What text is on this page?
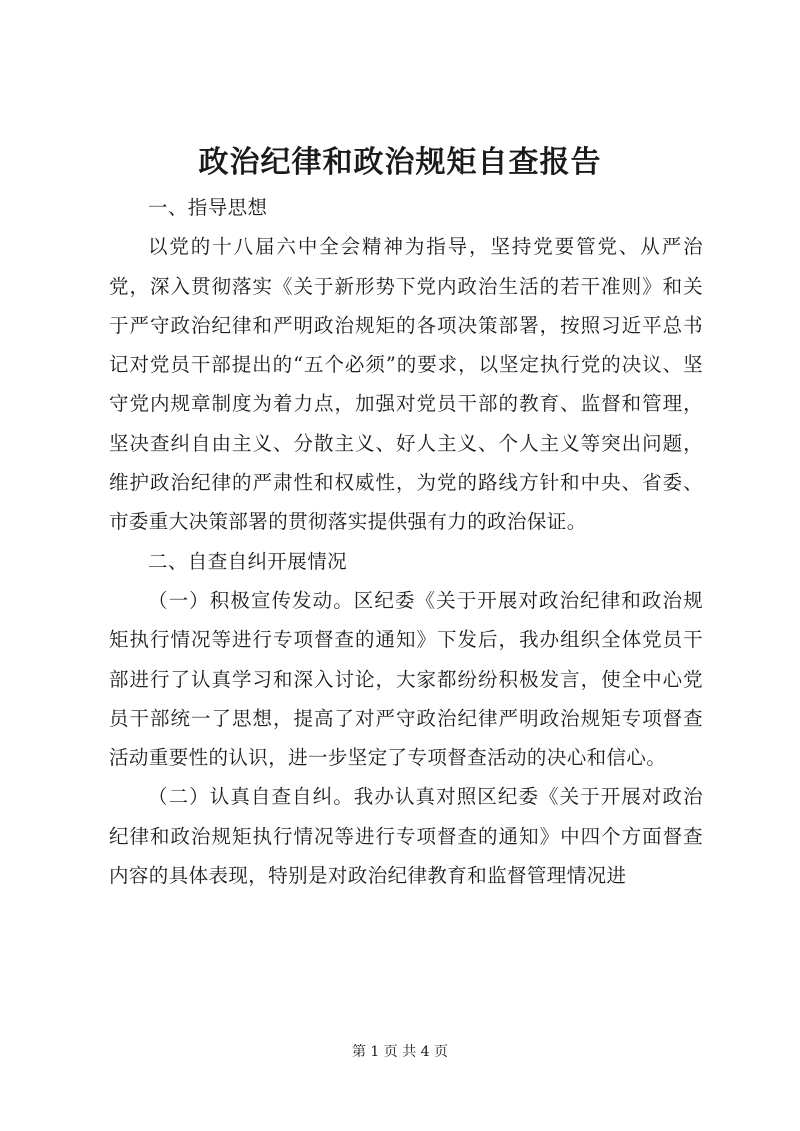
政治纪律和政治规矩自查报告

一、指导思想

以党的十八届六中全会精神为指导，坚持党要管党、从严治党，深入贯彻落实《关于新形势下党内政治生活的若干准则》和关于严守政治纪律和严明政治规矩的各项决策部署，按照习近平总书记对党员干部提出的“五个必须”的要求，以坚定执行党的决议、坚守党内规章制度为着力点，加强对党员干部的教育、监督和管理，坚决查纠自由主义、分散主义、好人主义、个人主义等突出问题，维护政治纪律的严肃性和权威性，为党的路线方针和中央、省委、市委重大决策部署的贯彻落实提供强有力的政治保证。

二、自查自纠开展情况

（一）积极宣传发动。区纪委《关于开展对政治纪律和政治规矩执行情况等进行专项督查的通知》下发后，我办组织全体党员干部进行了认真学习和深入讨论，大家都纷纷积极发言，使全中心党员干部统一了思想，提高了对严守政治纪律严明政治规矩专项督查活动重要性的认识，进一步坚定了专项督查活动的决心和信心。

（二）认真自查自纠。我办认真对照区纪委《关于开展对政治纪律和政治规矩执行情况等进行专项督查的通知》中四个方面督查内容的具体表现，特别是对政治纪律教育和监督管理情况进

第 1 页 共 4 页
